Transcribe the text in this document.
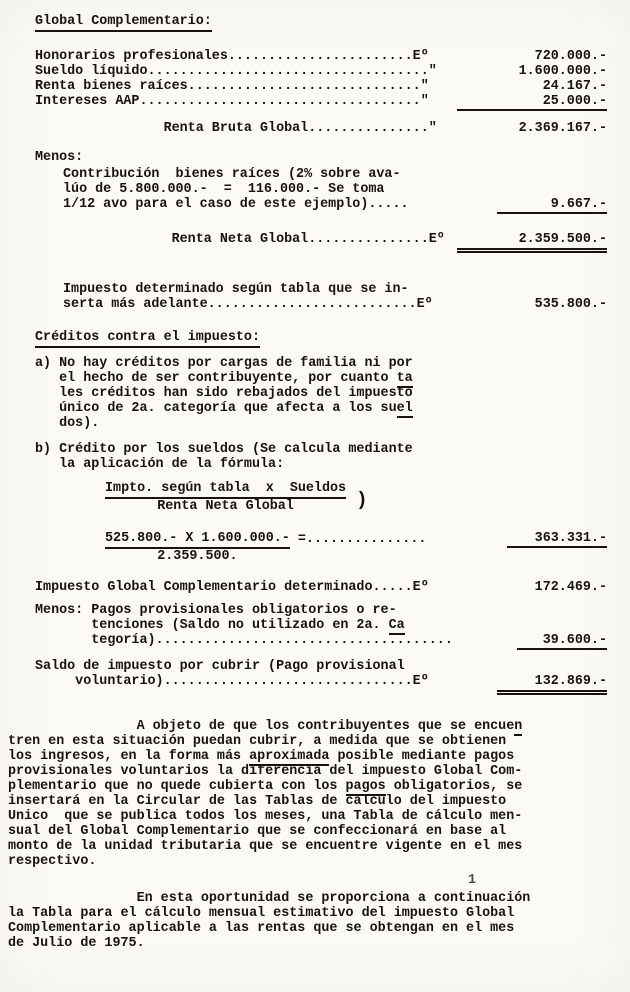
Global Complementario:
Honorarios profesionales.......................Eº	720.000.-
Sueldo líquido..................................."	1.600.000.-
Renta bienes raíces............................."	24.167.-
Intereses AAP..................................."	25.000.-
Renta Bruta Global..............."	2.369.167.-
Menos:
Contribución  bienes raíces (2% sobre ava-
lúo de 5.800.000.-  =  116.000.- Se toma
1/12 avo para el caso de este ejemplo).....	9.667.-
Renta Neta Global...............Eº	2.359.500.-
Impuesto determinado según tabla que se in-
serta más adelante..........................Eº	535.800.-
Créditos contra el impuesto:
a) No hay créditos por cargas de familia ni por
el hecho de ser contribuyente, por cuanto ta
les créditos han sido rebajados del impuesto
único de 2a. categoría que afecta a los suel
dos).
b) Crédito por los sueldos (Se calcula mediante
la aplicación de la fórmula:
$\frac{\text{Impto. según tabla  x  Sueldos}}{\text{Renta Neta Global}}$ )
$\frac{525.800.- X 1.600.000.-}{2.359.500.}$ =...............	363.331.-
Impuesto Global Complementario determinado.....Eº	172.469.-
Menos: Pagos provisionales obligatorios o re-
tenciones (Saldo no utilizado en 2a. Ca
tegoría).....................................	39.600.-
Saldo de impuesto por cubrir (Pago provisional
voluntario)...............................Eº	132.869.-
A objeto de que los contribuyentes que se encuen
tren en esta situación puedan cubrir, a medida que se obtienen
los ingresos, en la forma más aproximada posible mediante pagos
provisionales voluntarios la diferencia del impuesto Global Com-
plementario que no quede cubierta con los pagos obligatorios, se
insertará en la Circular de las Tablas de cálculo del impuesto
Unico  que se publica todos los meses, una Tabla de cálculo men-
sual del Global Complementario que se confeccionará en base al
monto de la unidad tributaria que se encuentre vigente en el mes
respectivo.
1
En esta oportunidad se proporciona a continuación
la Tabla para el cálculo mensual estimativo del impuesto Global
Complementario aplicable a las rentas que se obtengan en el mes
de Julio de 1975.
